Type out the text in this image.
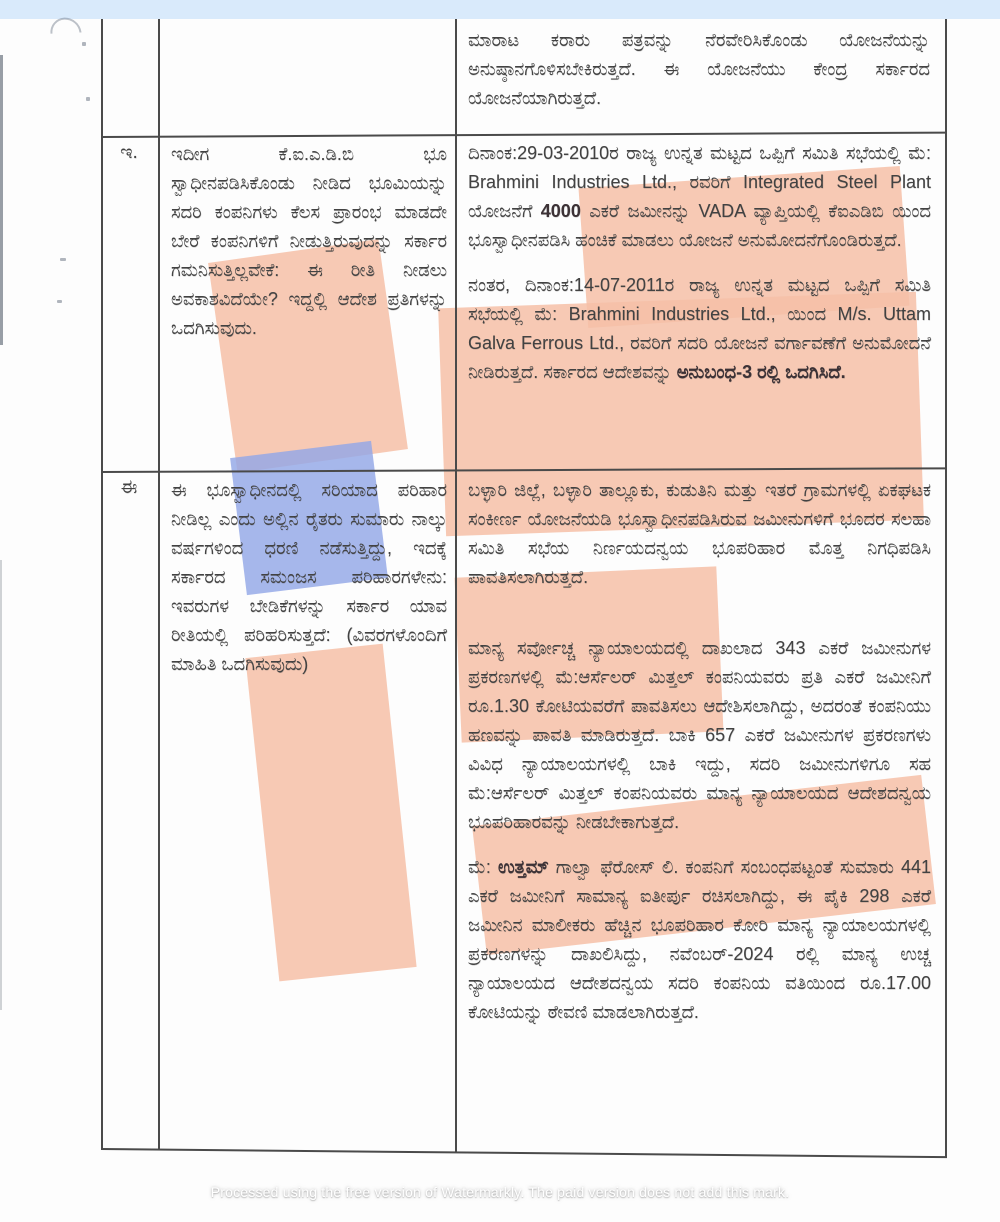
ಮಾರಾಟ ಕರಾರು ಪತ್ರವನ್ನು ನೆರವೇರಿಸಿಕೊಂಡು ಯೋಜನೆಯನ್ನು ಅನುಷ್ಠಾನಗೊಳಿಸಬೇಕಿರುತ್ತದೆ. ಈ ಯೋಜನೆಯು ಕೇಂದ್ರ ಸರ್ಕಾರದ ಯೋಜನೆಯಾಗಿರುತ್ತದೆ.

ಇ.	ಇದೀಗ ಕೆ.ಐ.ಎ.ಡಿ.ಬಿ ಭೂ ಸ್ವಾಧೀನಪಡಿಸಿಕೊಂಡು ನೀಡಿದ ಭೂಮಿಯನ್ನು ಸದರಿ ಕಂಪನಿಗಳು ಕೆಲಸ ಪ್ರಾರಂಭ ಮಾಡದೇ ಬೇರೆ ಕಂಪನಿಗಳಿಗೆ ನೀಡುತ್ತಿರುವುದನ್ನು ಸರ್ಕಾರ ಗಮನಿಸುತ್ತಿಲ್ಲವೇಕೆ: ಈ ರೀತಿ ನೀಡಲು ಅವಕಾಶವಿದೆಯೇ? ಇದ್ದಲ್ಲಿ ಆದೇಶ ಪ್ರತಿಗಳನ್ನು ಒದಗಿಸುವುದು.

ದಿನಾಂಕ:29-03-2010ರ ರಾಜ್ಯ ಉನ್ನತ ಮಟ್ಟದ ಒಪ್ಪಿಗೆ ಸಮಿತಿ ಸಭೆಯಲ್ಲಿ ಮೆ: Brahmini Industries Ltd., ರವರಿಗೆ Integrated Steel Plant ಯೋಜನೆಗೆ 4000 ಎಕರೆ ಜಮೀನನ್ನು VADA ವ್ಯಾಪ್ತಿಯಲ್ಲಿ ಕೆಐಎಡಿಬಿ ಯಿಂದ ಭೂಸ್ವಾಧೀನಪಡಿಸಿ ಹಂಚಿಕೆ ಮಾಡಲು ಯೋಜನೆ ಅನುಮೋದನೆಗೊಂಡಿರುತ್ತದೆ.

ನಂತರ, ದಿನಾಂಕ:14-07-2011ರ ರಾಜ್ಯ ಉನ್ನತ ಮಟ್ಟದ ಒಪ್ಪಿಗೆ ಸಮಿತಿ ಸಭೆಯಲ್ಲಿ ಮೆ: Brahmini Industries Ltd., ಯಿಂದ M/s. Uttam Galva Ferrous Ltd., ರವರಿಗೆ ಸದರಿ ಯೋಜನೆ ವರ್ಗಾವಣೆಗೆ ಅನುಮೋದನೆ ನೀಡಿರುತ್ತದೆ. ಸರ್ಕಾರದ ಆದೇಶವನ್ನು ಅನುಬಂಧ-3 ರಲ್ಲಿ ಒದಗಿಸಿದೆ.

ಈ	ಈ ಭೂಸ್ವಾಧೀನದಲ್ಲಿ ಸರಿಯಾದ ಪರಿಹಾರ ನೀಡಿಲ್ಲ ಎಂದು ಅಲ್ಲಿನ ರೈತರು ಸುಮಾರು ನಾಲ್ಕು ವರ್ಷಗಳಿಂದ ಧರಣಿ ನಡೆಸುತ್ತಿದ್ದು, ಇದಕ್ಕೆ ಸರ್ಕಾರದ ಸಮಂಜಸ ಪರಿಹಾರಗಳೇನು: ಇವರುಗಳ ಬೇಡಿಕೆಗಳನ್ನು ಸರ್ಕಾರ ಯಾವ ರೀತಿಯಲ್ಲಿ ಪರಿಹರಿಸುತ್ತದೆ: (ವಿವರಗಳೊಂದಿಗೆ ಮಾಹಿತಿ ಒದಗಿಸುವುದು)

ಬಳ್ಳಾರಿ ಜಿಲ್ಲೆ, ಬಳ್ಳಾರಿ ತಾಲ್ಲೂಕು, ಕುಡುತಿನಿ ಮತ್ತು ಇತರೆ ಗ್ರಾಮಗಳಲ್ಲಿ ಏಕಘಟಕ ಸಂಕೀರ್ಣ ಯೋಜನೆಯಡಿ ಭೂಸ್ವಾಧೀನಪಡಿಸಿರುವ ಜಮೀನುಗಳಿಗೆ ಭೂದರ ಸಲಹಾ ಸಮಿತಿ ಸಭೆಯ ನಿರ್ಣಯದನ್ವಯ ಭೂಪರಿಹಾರ ಮೊತ್ತ ನಿಗಧಿಪಡಿಸಿ ಪಾವತಿಸಲಾಗಿರುತ್ತದೆ.

ಮಾನ್ಯ ಸರ್ವೋಚ್ಚ ನ್ಯಾಯಾಲಯದಲ್ಲಿ ದಾಖಲಾದ 343 ಎಕರೆ ಜಮೀನುಗಳ ಪ್ರಕರಣಗಳಲ್ಲಿ ಮೆ:ಆರ್ಸೆಲರ್ ಮಿತ್ತಲ್ ಕಂಪನಿಯವರು ಪ್ರತಿ ಎಕರೆ ಜಮೀನಿಗೆ ರೂ.1.30 ಕೋಟಿಯವರೆಗೆ ಪಾವತಿಸಲು ಆದೇಶಿಸಲಾಗಿದ್ದು, ಅದರಂತೆ ಕಂಪನಿಯು ಹಣವನ್ನು ಪಾವತಿ ಮಾಡಿರುತ್ತದೆ. ಬಾಕಿ 657 ಎಕರೆ ಜಮೀನುಗಳ ಪ್ರಕರಣಗಳು ವಿವಿಧ ನ್ಯಾಯಾಲಯಗಳಲ್ಲಿ ಬಾಕಿ ಇದ್ದು, ಸದರಿ ಜಮೀನುಗಳಿಗೂ ಸಹ ಮೆ:ಆರ್ಸೆಲರ್ ಮಿತ್ತಲ್ ಕಂಪನಿಯವರು ಮಾನ್ಯ ನ್ಯಾಯಾಲಯದ ಆದೇಶದನ್ವಯ ಭೂಪರಿಹಾರವನ್ನು ನೀಡಬೇಕಾಗುತ್ತದೆ.

ಮೆ: ಉತ್ತಮ್ ಗಾಲ್ವಾ ಫೆರೋಸ್ ಲಿ. ಕಂಪನಿಗೆ ಸಂಬಂಧಪಟ್ಟಂತೆ ಸುಮಾರು 441 ಎಕರೆ ಜಮೀನಿಗೆ ಸಾಮಾನ್ಯ ಐತೀರ್ಪು ರಚಿಸಲಾಗಿದ್ದು, ಈ ಪೈಕಿ 298 ಎಕರೆ ಜಮೀನಿನ ಮಾಲೀಕರು ಹೆಚ್ಚಿನ ಭೂಪರಿಹಾರ ಕೋರಿ ಮಾನ್ಯ ನ್ಯಾಯಾಲಯಗಳಲ್ಲಿ ಪ್ರಕರಣಗಳನ್ನು ದಾಖಲಿಸಿದ್ದು, ನವೆಂಬರ್-2024 ರಲ್ಲಿ ಮಾನ್ಯ ಉಚ್ಚ ನ್ಯಾಯಾಲಯದ ಆದೇಶದನ್ವಯ ಸದರಿ ಕಂಪನಿಯ ವತಿಯಿಂದ ರೂ.17.00 ಕೋಟಿಯನ್ನು ಠೇವಣಿ ಮಾಡಲಾಗಿರುತ್ತದೆ.

Processed using the free version of Watermarkly. The paid version does not add this mark.
